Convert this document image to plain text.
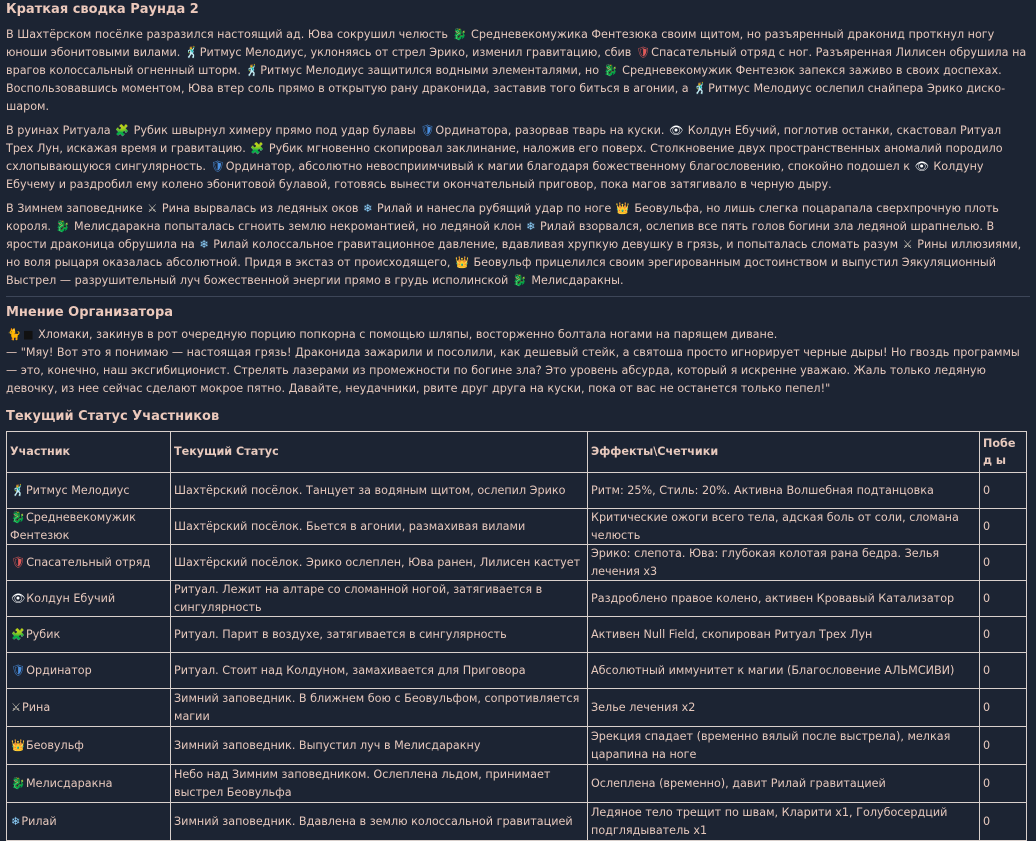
Краткая сводка Раунда 2

В Шахтёрском посёлке разразился настоящий ад. Юва сокрушил челюсть 🐉 Средневекомужика Фентезюка своим щитом, но разъяренный драконид проткнул ногу юноши эбонитовыми вилами. 🕺Ритмус Мелодиус, уклоняясь от стрел Эрико, изменил гравитацию, сбив 🛡Спасательный отряд с ног. Разъяренная Лилисен обрушила на врагов колоссальный огненный шторм. 🕺Ритмус Мелодиус защитился водными элементалями, но 🐉 Средневекомужик Фентезюк запекся заживо в своих доспехах. Воспользовавшись моментом, Юва втер соль прямо в открытую рану драконида, заставив того биться в агонии, а 🕺Ритмус Мелодиус ослепил снайпера Эрико диско-шаром.

В руинах Ритуала 🧩 Рубик швырнул химеру прямо под удар булавы 🛡Ординатора, разорвав тварь на куски. 👁 Колдун Ебучий, поглотив останки, скастовал Ритуал Трех Лун, искажая время и гравитацию. 🧩 Рубик мгновенно скопировал заклинание, наложив его поверх. Столкновение двух пространственных аномалий породило схлопывающуюся сингулярность. 🛡Ординатор, абсолютно невосприимчивый к магии благодаря божественному благословению, спокойно подошел к 👁 Колдуну Ебучему и раздробил ему колено эбонитовой булавой, готовясь вынести окончательный приговор, пока магов затягивало в черную дыру.

В Зимнем заповеднике ⚔ Рина вырвалась из ледяных оков ❄ Рилай и нанесла рубящий удар по ноге 👑 Беовульфа, но лишь слегка поцарапала сверхпрочную плоть короля. 🐉 Мелисдаракна попыталась сгноить землю некромантией, но ледяной клон ❄ Рилай взорвался, ослепив все пять голов богини зла ледяной шрапнелью. В ярости драконица обрушила на ❄ Рилай колоссальное гравитационное давление, вдавливая хрупкую девушку в грязь, и попыталась сломать разум ⚔ Рины иллюзиями, но воля рыцаря оказалась абсолютной. Придя в экстаз от происходящего, 👑 Беовульф прицелился своим эрегированным достоинством и выпустил Эякуляционный Выстрел — разрушительный луч божественной энергии прямо в грудь исполинской 🐉 Мелисдаракны.

Мнение Организатора

🐈 ■ Хломаки, закинув в рот очередную порцию попкорна с помощью шляпы, восторженно болтала ногами на парящем диване.

— "Мяу! Вот это я понимаю — настоящая грязь! Драконида зажарили и посолили, как дешевый стейк, а святоша просто игнорирует черные дыры! Но гвоздь программы — это, конечно, наш эксгибиционист. Стрелять лазерами из промежности по богине зла? Это уровень абсурда, который я искренне уважаю. Жаль только ледяную девочку, из нее сейчас сделают мокрое пятно. Давайте, неудачники, рвите друг друга на куски, пока от вас не останется только пепел!"

Текущий Статус Участников
Участник	Текущий Статус	Эффекты\Счетчики	Побед ы
🕺Ритмус Мелодиус	Шахтёрский посёлок. Танцует за водяным щитом, ослепил Эрико	Ритм: 25%, Стиль: 20%. Активна Волшебная подтанцовка	0
🐉Средневекомужик Фентезюк	Шахтёрский посёлок. Бьется в агонии, размахивая вилами	Критические ожоги всего тела, адская боль от соли, сломана челюсть	0
🛡Спасательный отряд	Шахтёрский посёлок. Эрико ослеплен, Юва ранен, Лилисен кастует	Эрико: слепота. Юва: глубокая колотая рана бедра. Зелья лечения x3	0
👁Колдун Ебучий	Ритуал. Лежит на алтаре со сломанной ногой, затягивается в сингулярность	Раздроблено правое колено, активен Кровавый Катализатор	0
🧩Рубик	Ритуал. Парит в воздухе, затягивается в сингулярность	Активен Null Field, скопирован Ритуал Трех Лун	0
🛡Ординатор	Ритуал. Стоит над Колдуном, замахивается для Приговора	Абсолютный иммунитет к магии (Благословение АЛЬМСИВИ)	0
⚔Рина	Зимний заповедник. В ближнем бою с Беовульфом, сопротивляется магии	Зелье лечения x2	0
👑Беовульф	Зимний заповедник. Выпустил луч в Мелисдаракну	Эрекция спадает (временно вялый после выстрела), мелкая царапина на ноге	0
🐉Мелисдаракна	Небо над Зимним заповедником. Ослеплена льдом, принимает выстрел Беовульфа	Ослеплена (временно), давит Рилай гравитацией	0
❄Рилай	Зимний заповедник. Вдавлена в землю колоссальной гравитацией	Ледяное тело трещит по швам, Кларити x1, Голубосердций подглядыватель x1	0
